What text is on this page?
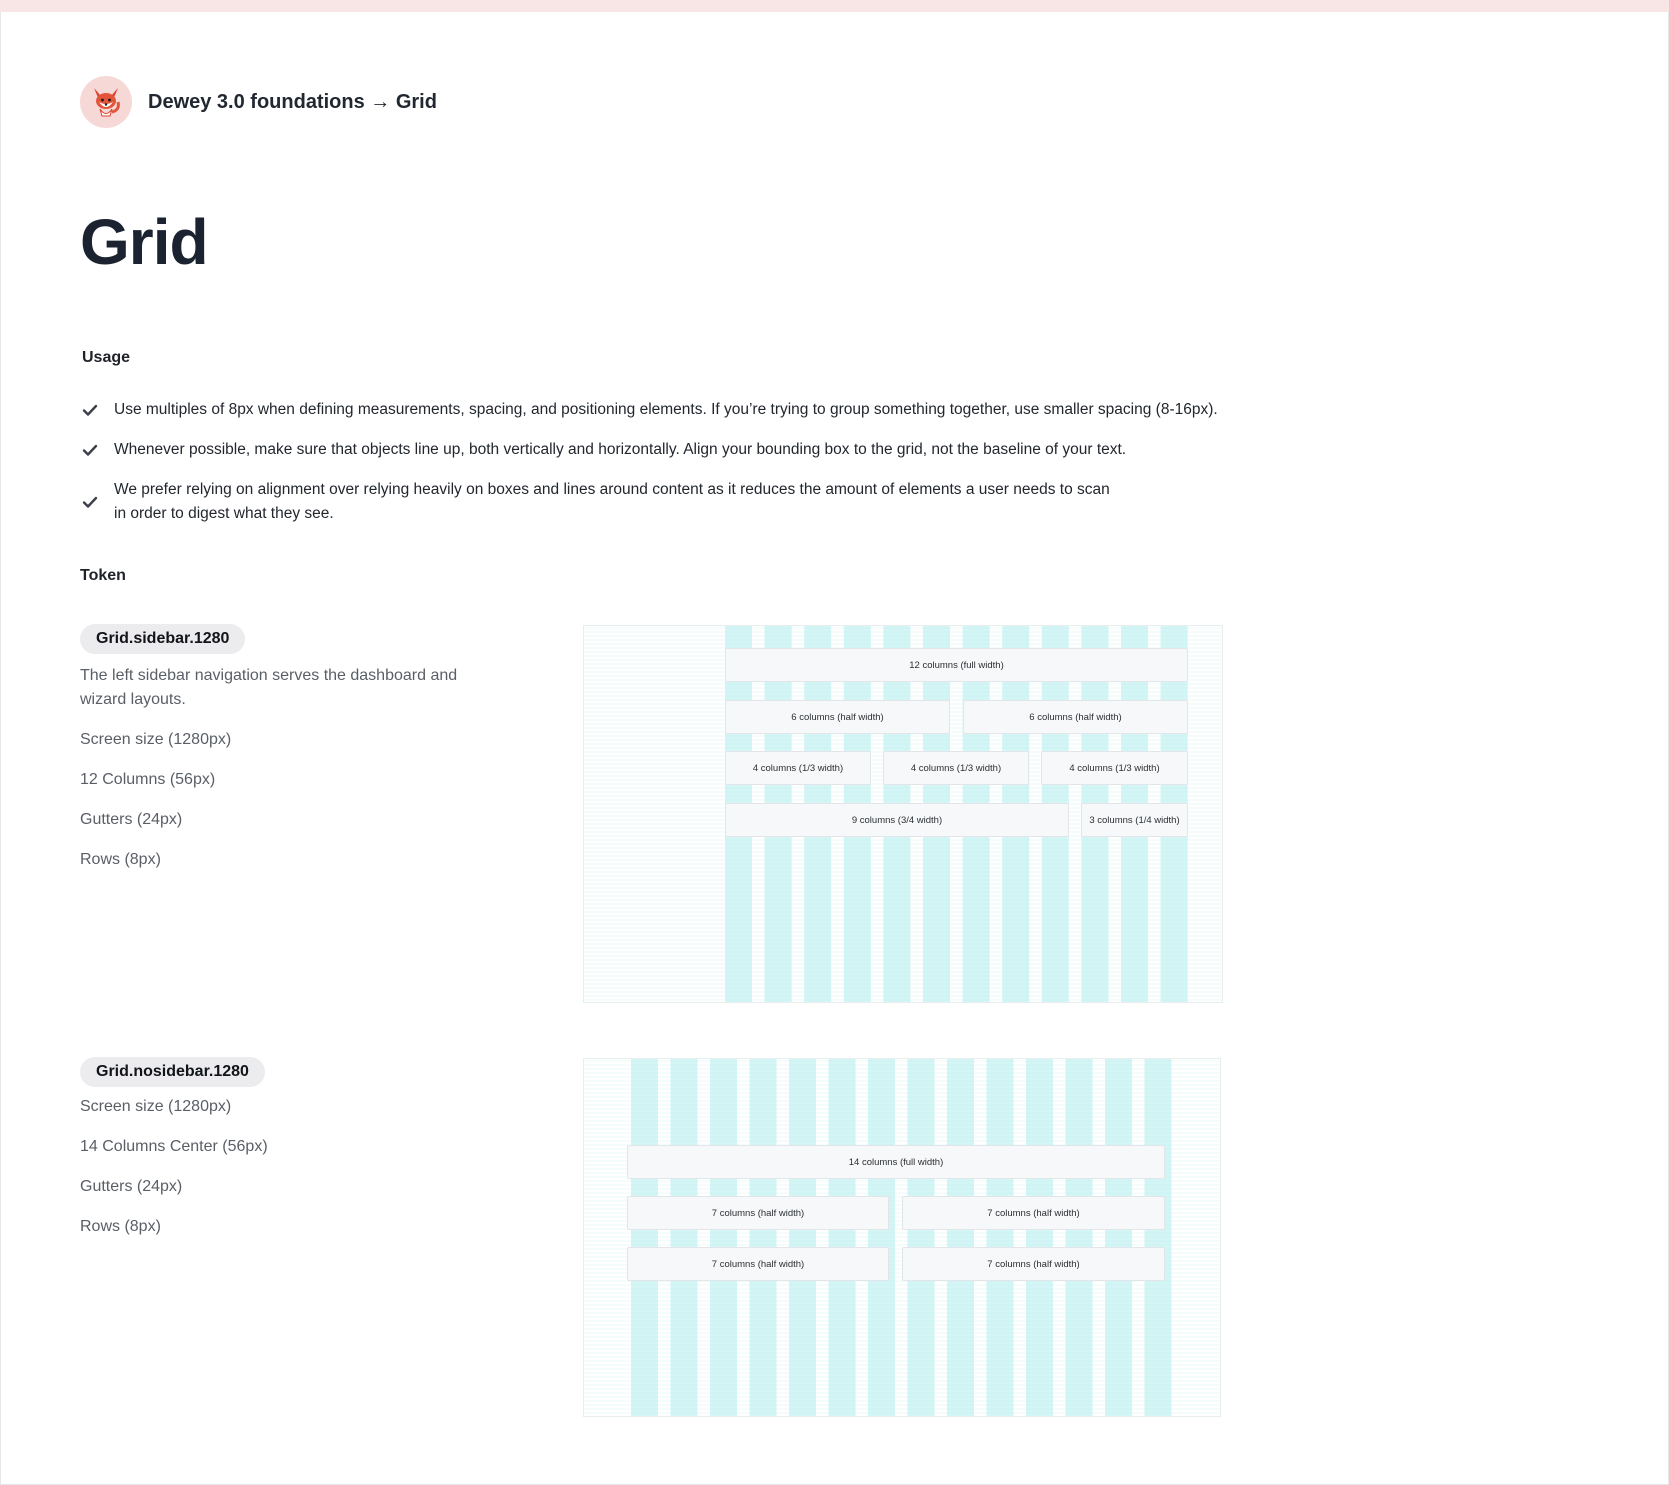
Dewey 3.0 foundations → Grid
Grid
Usage
Use multiples of 8px when defining measurements, spacing, and positioning elements. If you’re trying to group something together, use smaller spacing (8-16px).
Whenever possible, make sure that objects line up, both vertically and horizontally. Align your bounding box to the grid, not the baseline of your text.
We prefer relying on alignment over relying heavily on boxes and lines around content as it reduces the amount of elements a user needs to scan in order to digest what they see.
Token
Grid.sidebar.1280
The left sidebar navigation serves the dashboard and wizard layouts.
Screen size (1280px)
12 Columns (56px)
Gutters (24px)
Rows (8px)
12 columns (full width)
6 columns (half width)	6 columns (half width)
4 columns (1/3 width)	4 columns (1/3 width)	4 columns (1/3 width)
9 columns (3/4 width)	3 columns (1/4 width)
Grid.nosidebar.1280
Screen size (1280px)
14 Columns Center (56px)
Gutters (24px)
Rows (8px)
14 columns (full width)
7 columns (half width)	7 columns (half width)
7 columns (half width)	7 columns (half width)
